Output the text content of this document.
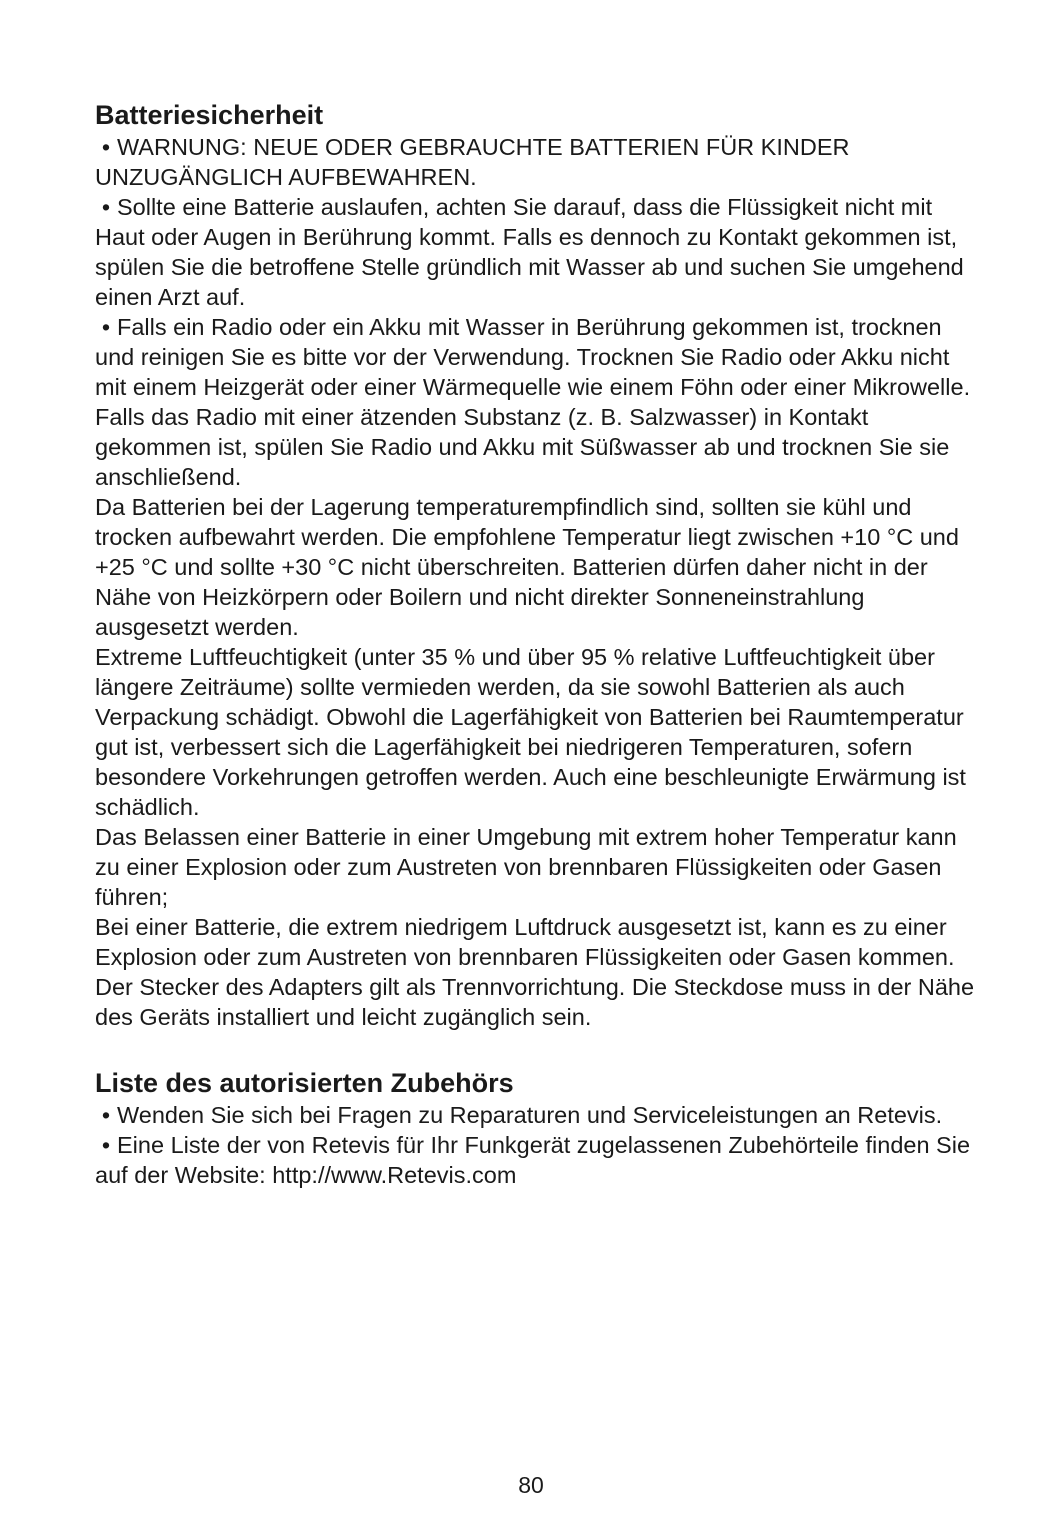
Batteriesicherheit

• WARNUNG: NEUE ODER GEBRAUCHTE BATTERIEN FÜR KINDER UNZUGÄNGLICH AUFBEWAHREN.

• Sollte eine Batterie auslaufen, achten Sie darauf, dass die Flüssigkeit nicht mit Haut oder Augen in Berührung kommt. Falls es dennoch zu Kontakt gekommen ist, spülen Sie die betroffene Stelle gründlich mit Wasser ab und suchen Sie umgehend einen Arzt auf.

• Falls ein Radio oder ein Akku mit Wasser in Berührung gekommen ist, trocknen und reinigen Sie es bitte vor der Verwendung. Trocknen Sie Radio oder Akku nicht mit einem Heizgerät oder einer Wärmequelle wie einem Föhn oder einer Mikrowelle. Falls das Radio mit einer ätzenden Substanz (z. B. Salzwasser) in Kontakt gekommen ist, spülen Sie Radio und Akku mit Süßwasser ab und trocknen Sie sie anschließend.

Da Batterien bei der Lagerung temperaturempfindlich sind, sollten sie kühl und trocken aufbewahrt werden. Die empfohlene Temperatur liegt zwischen +10 °C und +25 °C und sollte +30 °C nicht überschreiten. Batterien dürfen daher nicht in der Nähe von Heizkörpern oder Boilern und nicht direkter Sonneneinstrahlung ausgesetzt werden.

Extreme Luftfeuchtigkeit (unter 35 % und über 95 % relative Luftfeuchtigkeit über längere Zeiträume) sollte vermieden werden, da sie sowohl Batterien als auch Verpackung schädigt. Obwohl die Lagerfähigkeit von Batterien bei Raumtemperatur gut ist, verbessert sich die Lagerfähigkeit bei niedrigeren Temperaturen, sofern besondere Vorkehrungen getroffen werden. Auch eine beschleunigte Erwärmung ist schädlich.

Das Belassen einer Batterie in einer Umgebung mit extrem hoher Temperatur kann zu einer Explosion oder zum Austreten von brennbaren Flüssigkeiten oder Gasen führen;

Bei einer Batterie, die extrem niedrigem Luftdruck ausgesetzt ist, kann es zu einer Explosion oder zum Austreten von brennbaren Flüssigkeiten oder Gasen kommen.

Der Stecker des Adapters gilt als Trennvorrichtung. Die Steckdose muss in der Nähe des Geräts installiert und leicht zugänglich sein.

Liste des autorisierten Zubehörs

• Wenden Sie sich bei Fragen zu Reparaturen und Serviceleistungen an Retevis.

• Eine Liste der von Retevis für Ihr Funkgerät zugelassenen Zubehörteile finden Sie auf der Website: http://www.Retevis.com

80
